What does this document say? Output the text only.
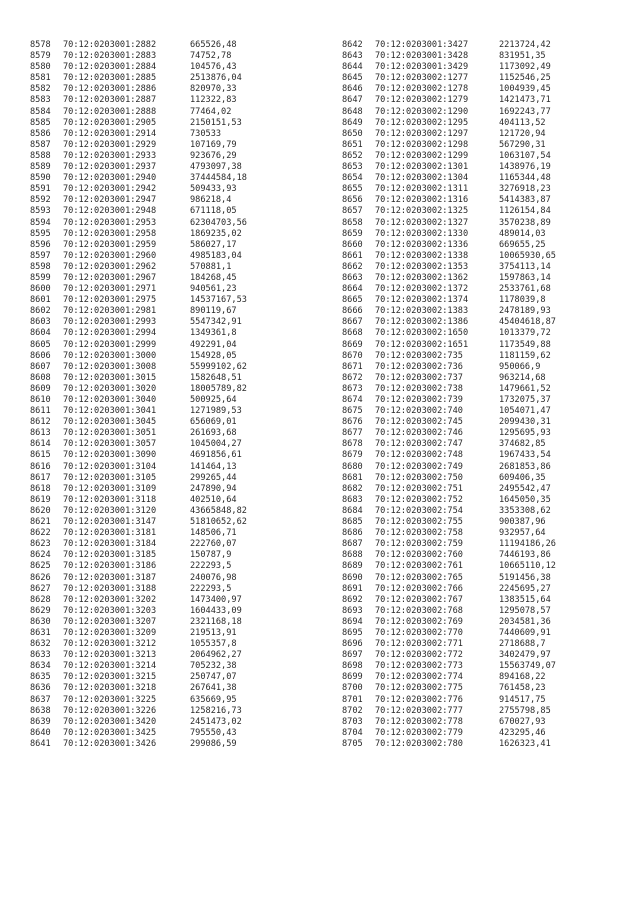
8578 70:12:0203001:2882	665526,48
8579 70:12:0203001:2883	74752,78
8580 70:12:0203001:2884	104576,43
8581 70:12:0203001:2885	2513876,04
8582 70:12:0203001:2886	820970,33
8583 70:12:0203001:2887	112322,83
8584 70:12:0203001:2888	77464,02
8585 70:12:0203001:2905	2150151,53
8586 70:12:0203001:2914	730533
8587 70:12:0203001:2929	107169,79
8588 70:12:0203001:2933	923676,29
8589 70:12:0203001:2937	4793097,38
8590 70:12:0203001:2940	37444584,18
8591 70:12:0203001:2942	509433,93
8592 70:12:0203001:2947	986218,4
8593 70:12:0203001:2948	671118,05
8594 70:12:0203001:2953	62304703,56
8595 70:12:0203001:2958	1869235,02
8596 70:12:0203001:2959	586027,17
8597 70:12:0203001:2960	4985183,04
8598 70:12:0203001:2962	570881,1
8599 70:12:0203001:2967	184268,45
8600 70:12:0203001:2971	940561,23
8601 70:12:0203001:2975	14537167,53
8602 70:12:0203001:2981	890119,67
8603 70:12:0203001:2993	5547342,91
8604 70:12:0203001:2994	1349361,8
8605 70:12:0203001:2999	492291,04
8606 70:12:0203001:3000	154928,05
8607 70:12:0203001:3008	55999102,62
8608 70:12:0203001:3015	1582648,51
8609 70:12:0203001:3020	18005789,82
8610 70:12:0203001:3040	500925,64
8611 70:12:0203001:3041	1271989,53
8612 70:12:0203001:3045	656069,01
8613 70:12:0203001:3051	261693,68
8614 70:12:0203001:3057	1045004,27
8615 70:12:0203001:3090	4691856,61
8616 70:12:0203001:3104	141464,13
8617 70:12:0203001:3105	299265,44
8618 70:12:0203001:3109	247890,94
8619 70:12:0203001:3118	402510,64
8620 70:12:0203001:3120	43665848,82
8621 70:12:0203001:3147	51810652,62
8622 70:12:0203001:3181	148506,71
8623 70:12:0203001:3184	222760,07
8624 70:12:0203001:3185	150787,9
8625 70:12:0203001:3186	222293,5
8626 70:12:0203001:3187	240076,98
8627 70:12:0203001:3188	222293,5
8628 70:12:0203001:3202	1473400,97
8629 70:12:0203001:3203	1604433,09
8630 70:12:0203001:3207	2321168,18
8631 70:12:0203001:3209	219513,91
8632 70:12:0203001:3212	1055357,8
8633 70:12:0203001:3213	2064962,27
8634 70:12:0203001:3214	705232,38
8635 70:12:0203001:3215	250747,07
8636 70:12:0203001:3218	267641,38
8637 70:12:0203001:3225	635669,95
8638 70:12:0203001:3226	1258216,73
8639 70:12:0203001:3420	2451473,02
8640 70:12:0203001:3425	795550,43
8641 70:12:0203001:3426	299086,59
8642 70:12:0203001:3427	2213724,42
8643 70:12:0203001:3428	831951,35
8644 70:12:0203001:3429	1173092,49
8645 70:12:0203002:1277	1152546,25
8646 70:12:0203002:1278	1004939,45
8647 70:12:0203002:1279	1421473,71
8648 70:12:0203002:1290	1692243,77
8649 70:12:0203002:1295	404113,52
8650 70:12:0203002:1297	121720,94
8651 70:12:0203002:1298	567290,31
8652 70:12:0203002:1299	1063107,54
8653 70:12:0203002:1301	1438976,19
8654 70:12:0203002:1304	1165344,48
8655 70:12:0203002:1311	3276918,23
8656 70:12:0203002:1316	5414383,87
8657 70:12:0203002:1325	1126154,84
8658 70:12:0203002:1327	3570238,89
8659 70:12:0203002:1330	489014,03
8660 70:12:0203002:1336	669655,25
8661 70:12:0203002:1338	10065930,65
8662 70:12:0203002:1353	3754113,14
8663 70:12:0203002:1362	1597863,14
8664 70:12:0203002:1372	2533761,68
8665 70:12:0203002:1374	1178039,8
8666 70:12:0203002:1383	2478189,93
8667 70:12:0203002:1386	45404618,87
8668 70:12:0203002:1650	1013379,72
8669 70:12:0203002:1651	1173549,88
8670 70:12:0203002:735	1181159,62
8671 70:12:0203002:736	950066,9
8672 70:12:0203002:737	963214,68
8673 70:12:0203002:738	1479661,52
8674 70:12:0203002:739	1732075,37
8675 70:12:0203002:740	1054071,47
8676 70:12:0203002:745	2099430,31
8677 70:12:0203002:746	1295695,93
8678 70:12:0203002:747	374682,85
8679 70:12:0203002:748	1967433,54
8680 70:12:0203002:749	2681853,86
8681 70:12:0203002:750	609406,35
8682 70:12:0203002:751	2495542,47
8683 70:12:0203002:752	1645050,35
8684 70:12:0203002:754	3353308,62
8685 70:12:0203002:755	900387,96
8686 70:12:0203002:758	932957,64
8687 70:12:0203002:759	11194186,26
8688 70:12:0203002:760	7446193,86
8689 70:12:0203002:761	10665110,12
8690 70:12:0203002:765	5191456,38
8691 70:12:0203002:766	2245695,27
8692 70:12:0203002:767	1383515,64
8693 70:12:0203002:768	1295078,57
8694 70:12:0203002:769	2034581,36
8695 70:12:0203002:770	7440609,91
8696 70:12:0203002:771	2718688,7
8697 70:12:0203002:772	3402479,97
8698 70:12:0203002:773	15563749,07
8699 70:12:0203002:774	894168,22
8700 70:12:0203002:775	761458,23
8701 70:12:0203002:776	914517,75
8702 70:12:0203002:777	2755798,85
8703 70:12:0203002:778	670027,93
8704 70:12:0203002:779	423295,46
8705 70:12:0203002:780	1626323,41
